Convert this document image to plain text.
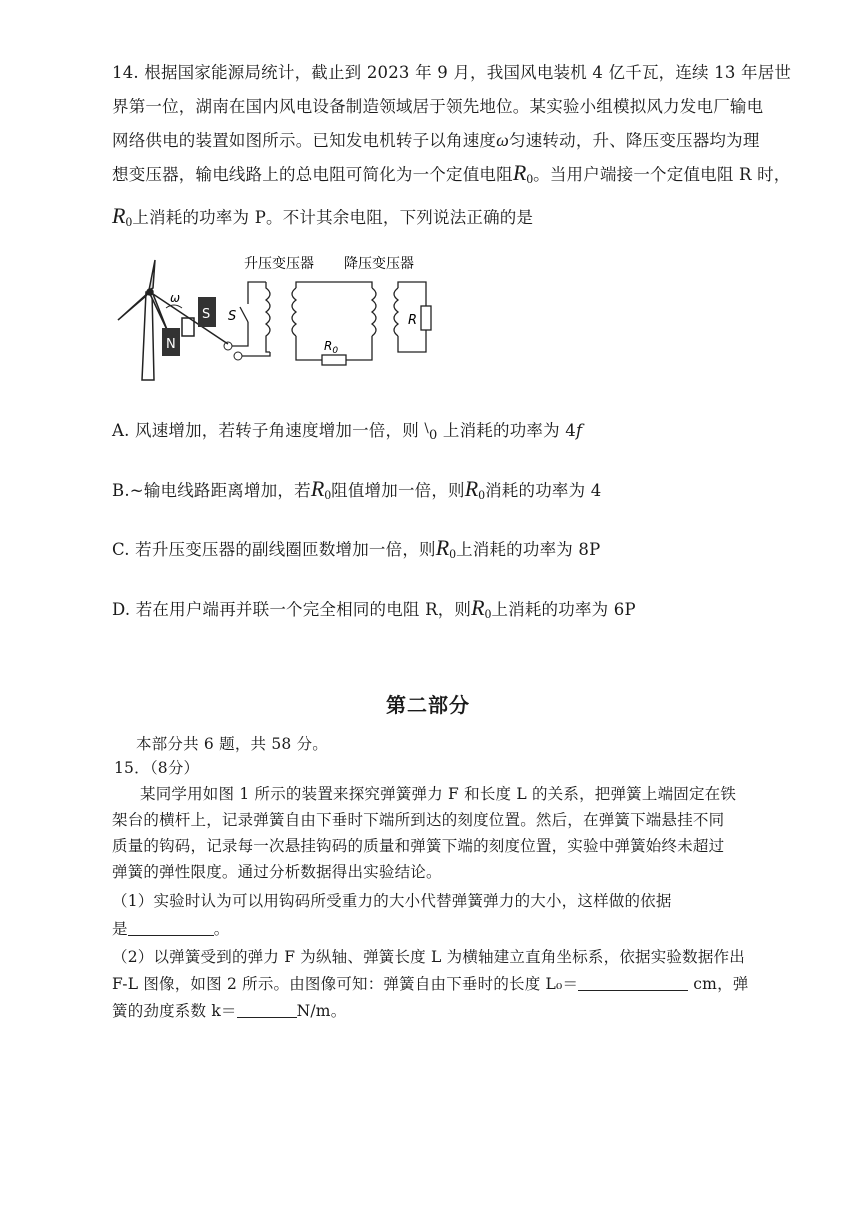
14. 根据国家能源局统计，截止到 2023 年 9 月，我国风电装机 4 亿千瓦，连续 13 年居世
界第一位，湖南在国内风电设备制造领域居于领先地位。某实验小组模拟风力发电厂输电
网络供电的装置如图所示。已知发电机转子以角速度ω匀速转动，升、降压变压器均为理
想变压器，输电线路上的总电阻可简化为一个定值电阻$R_0$。当用户端接一个定值电阻 R 时，
$R_0$上消耗的功率为 P。不计其余电阻，下列说法正确的是
ω
S
N
升压变压器 降压变压器
S
$R_0$
R
A. 风速增加，若转子角速度增加一倍，则 \$_0$ 上消耗的功率为 4f
B.~输电线路距离增加，若$R_0$阻值增加一倍，则$R_0$消耗的功率为 4
C. 若升压变压器的副线圈匝数增加一倍，则$R_0$上消耗的功率为 8P
D. 若在用户端再并联一个完全相同的电阻 R，则$R_0$上消耗的功率为 6P
第二部分
本部分共 6 题，共 58 分。
15．（8分）
某同学用如图 1 所示的装置来探究弹簧弹力 F 和长度 L 的关系，把弹簧上端固定在铁
架台的横杆上，记录弹簧自由下垂时下端所到达的刻度位置。然后，在弹簧下端悬挂不同
质量的钩码，记录每一次悬挂钩码的质量和弹簧下端的刻度位置，实验中弹簧始终未超过
弹簧的弹性限度。通过分析数据得出实验结论。
（1）实验时认为可以用钩码所受重力的大小代替弹簧弹力的大小，这样做的依据
是	。
（2）以弹簧受到的弹力 F 为纵轴、弹簧长度 L 为横轴建立直角坐标系，依据实验数据作出
F-L 图像，如图 2 所示。由图像可知：弹簧自由下垂时的长度 L₀＝	cm，弹
簧的劲度系数 k＝	N/m。
